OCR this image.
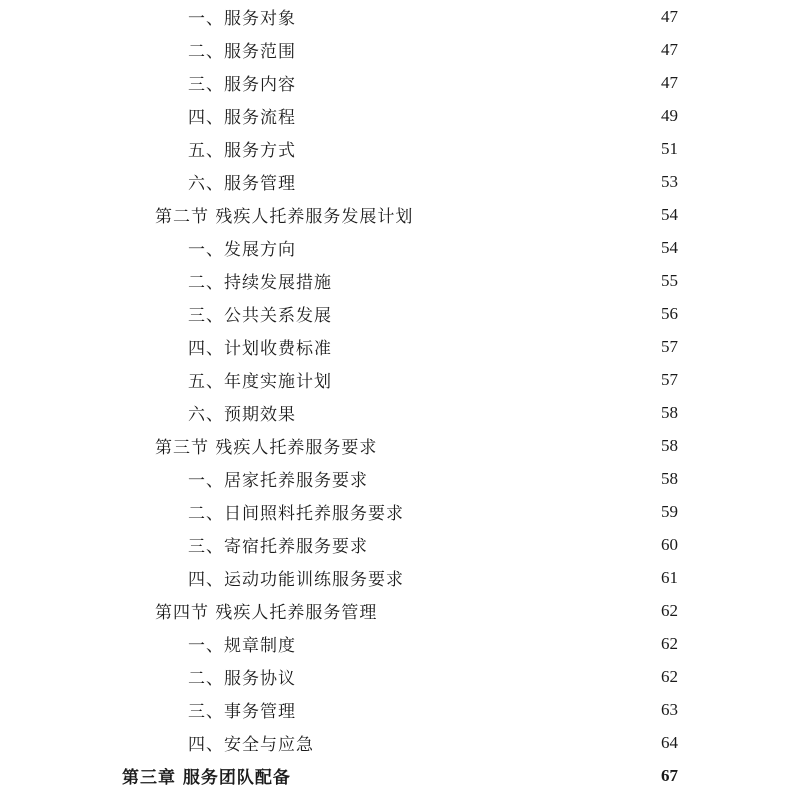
一、服务对象	47
二、服务范围	47
三、服务内容	47
四、服务流程	49
五、服务方式	51
六、服务管理	53
第二节 残疾人托养服务发展计划	54
一、发展方向	54
二、持续发展措施	55
三、公共关系发展	56
四、计划收费标准	57
五、年度实施计划	57
六、预期效果	58
第三节 残疾人托养服务要求	58
一、居家托养服务要求	58
二、日间照料托养服务要求	59
三、寄宿托养服务要求	60
四、运动功能训练服务要求	61
第四节 残疾人托养服务管理	62
一、规章制度	62
二、服务协议	62
三、事务管理	63
四、安全与应急	64
第三章 服务团队配备	67
